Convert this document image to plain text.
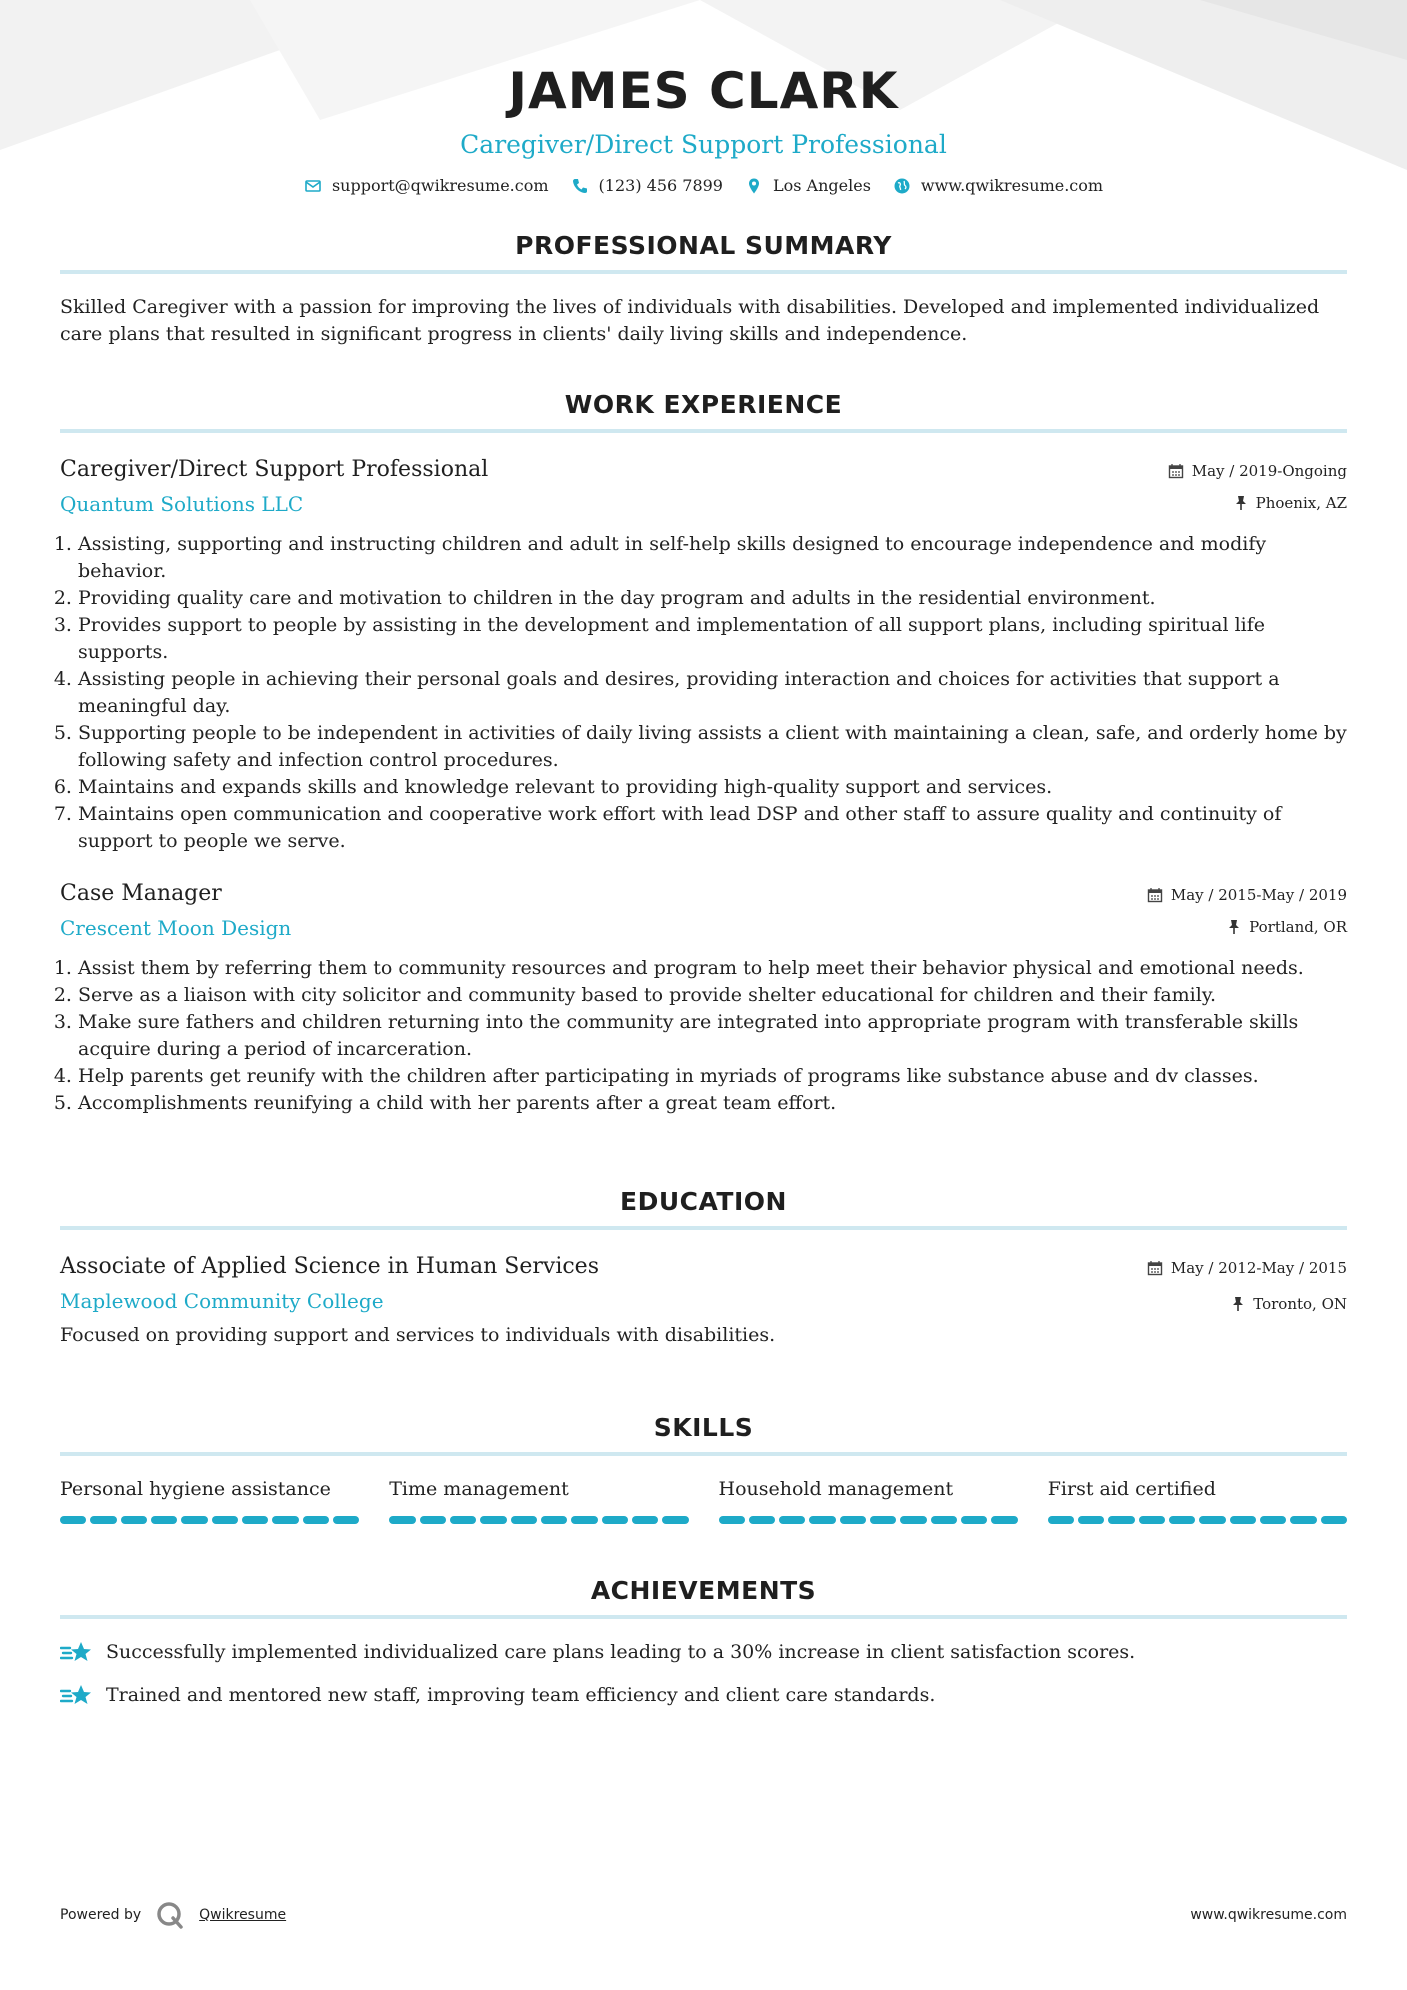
JAMES CLARK
Caregiver/Direct Support Professional
support@qwikresume.com	(123) 456 7899	Los Angeles	www.qwikresume.com
PROFESSIONAL SUMMARY

Skilled Caregiver with a passion for improving the lives of individuals with disabilities. Developed and implemented individualized care plans that resulted in significant progress in clients' daily living skills and independence.

WORK EXPERIENCE
Caregiver/Direct Support Professional
Quantum Solutions LLC
May / 2019-Ongoing
Phoenix, AZ
1. Assisting, supporting and instructing children and adult in self-help skills designed to encourage independence and modify behavior.
2. Providing quality care and motivation to children in the day program and adults in the residential environment.
3. Provides support to people by assisting in the development and implementation of all support plans, including spiritual life supports.
4. Assisting people in achieving their personal goals and desires, providing interaction and choices for activities that support a meaningful day.
5. Supporting people to be independent in activities of daily living assists a client with maintaining a clean, safe, and orderly home by following safety and infection control procedures.
6. Maintains and expands skills and knowledge relevant to providing high-quality support and services.
7. Maintains open communication and cooperative work effort with lead DSP and other staff to assure quality and continuity of support to people we serve.
Case Manager
Crescent Moon Design
May / 2015-May / 2019
Portland, OR
1. Assist them by referring them to community resources and program to help meet their behavior physical and emotional needs.
2. Serve as a liaison with city solicitor and community based to provide shelter educational for children and their family.
3. Make sure fathers and children returning into the community are integrated into appropriate program with transferable skills acquire during a period of incarceration.
4. Help parents get reunify with the children after participating in myriads of programs like substance abuse and dv classes.
5. Accomplishments reunifying a child with her parents after a great team effort.
EDUCATION
Associate of Applied Science in Human Services
Maplewood Community College
May / 2012-May / 2015
Toronto, ON
Focused on providing support and services to individuals with disabilities.
SKILLS
Personal hygiene assistance	Time management	Household management	First aid certified
ACHIEVEMENTS
Successfully implemented individualized care plans leading to a 30% increase in client satisfaction scores.
Trained and mentored new staff, improving team efficiency and client care standards.
Powered by	Qwikresume	www.qwikresume.com
